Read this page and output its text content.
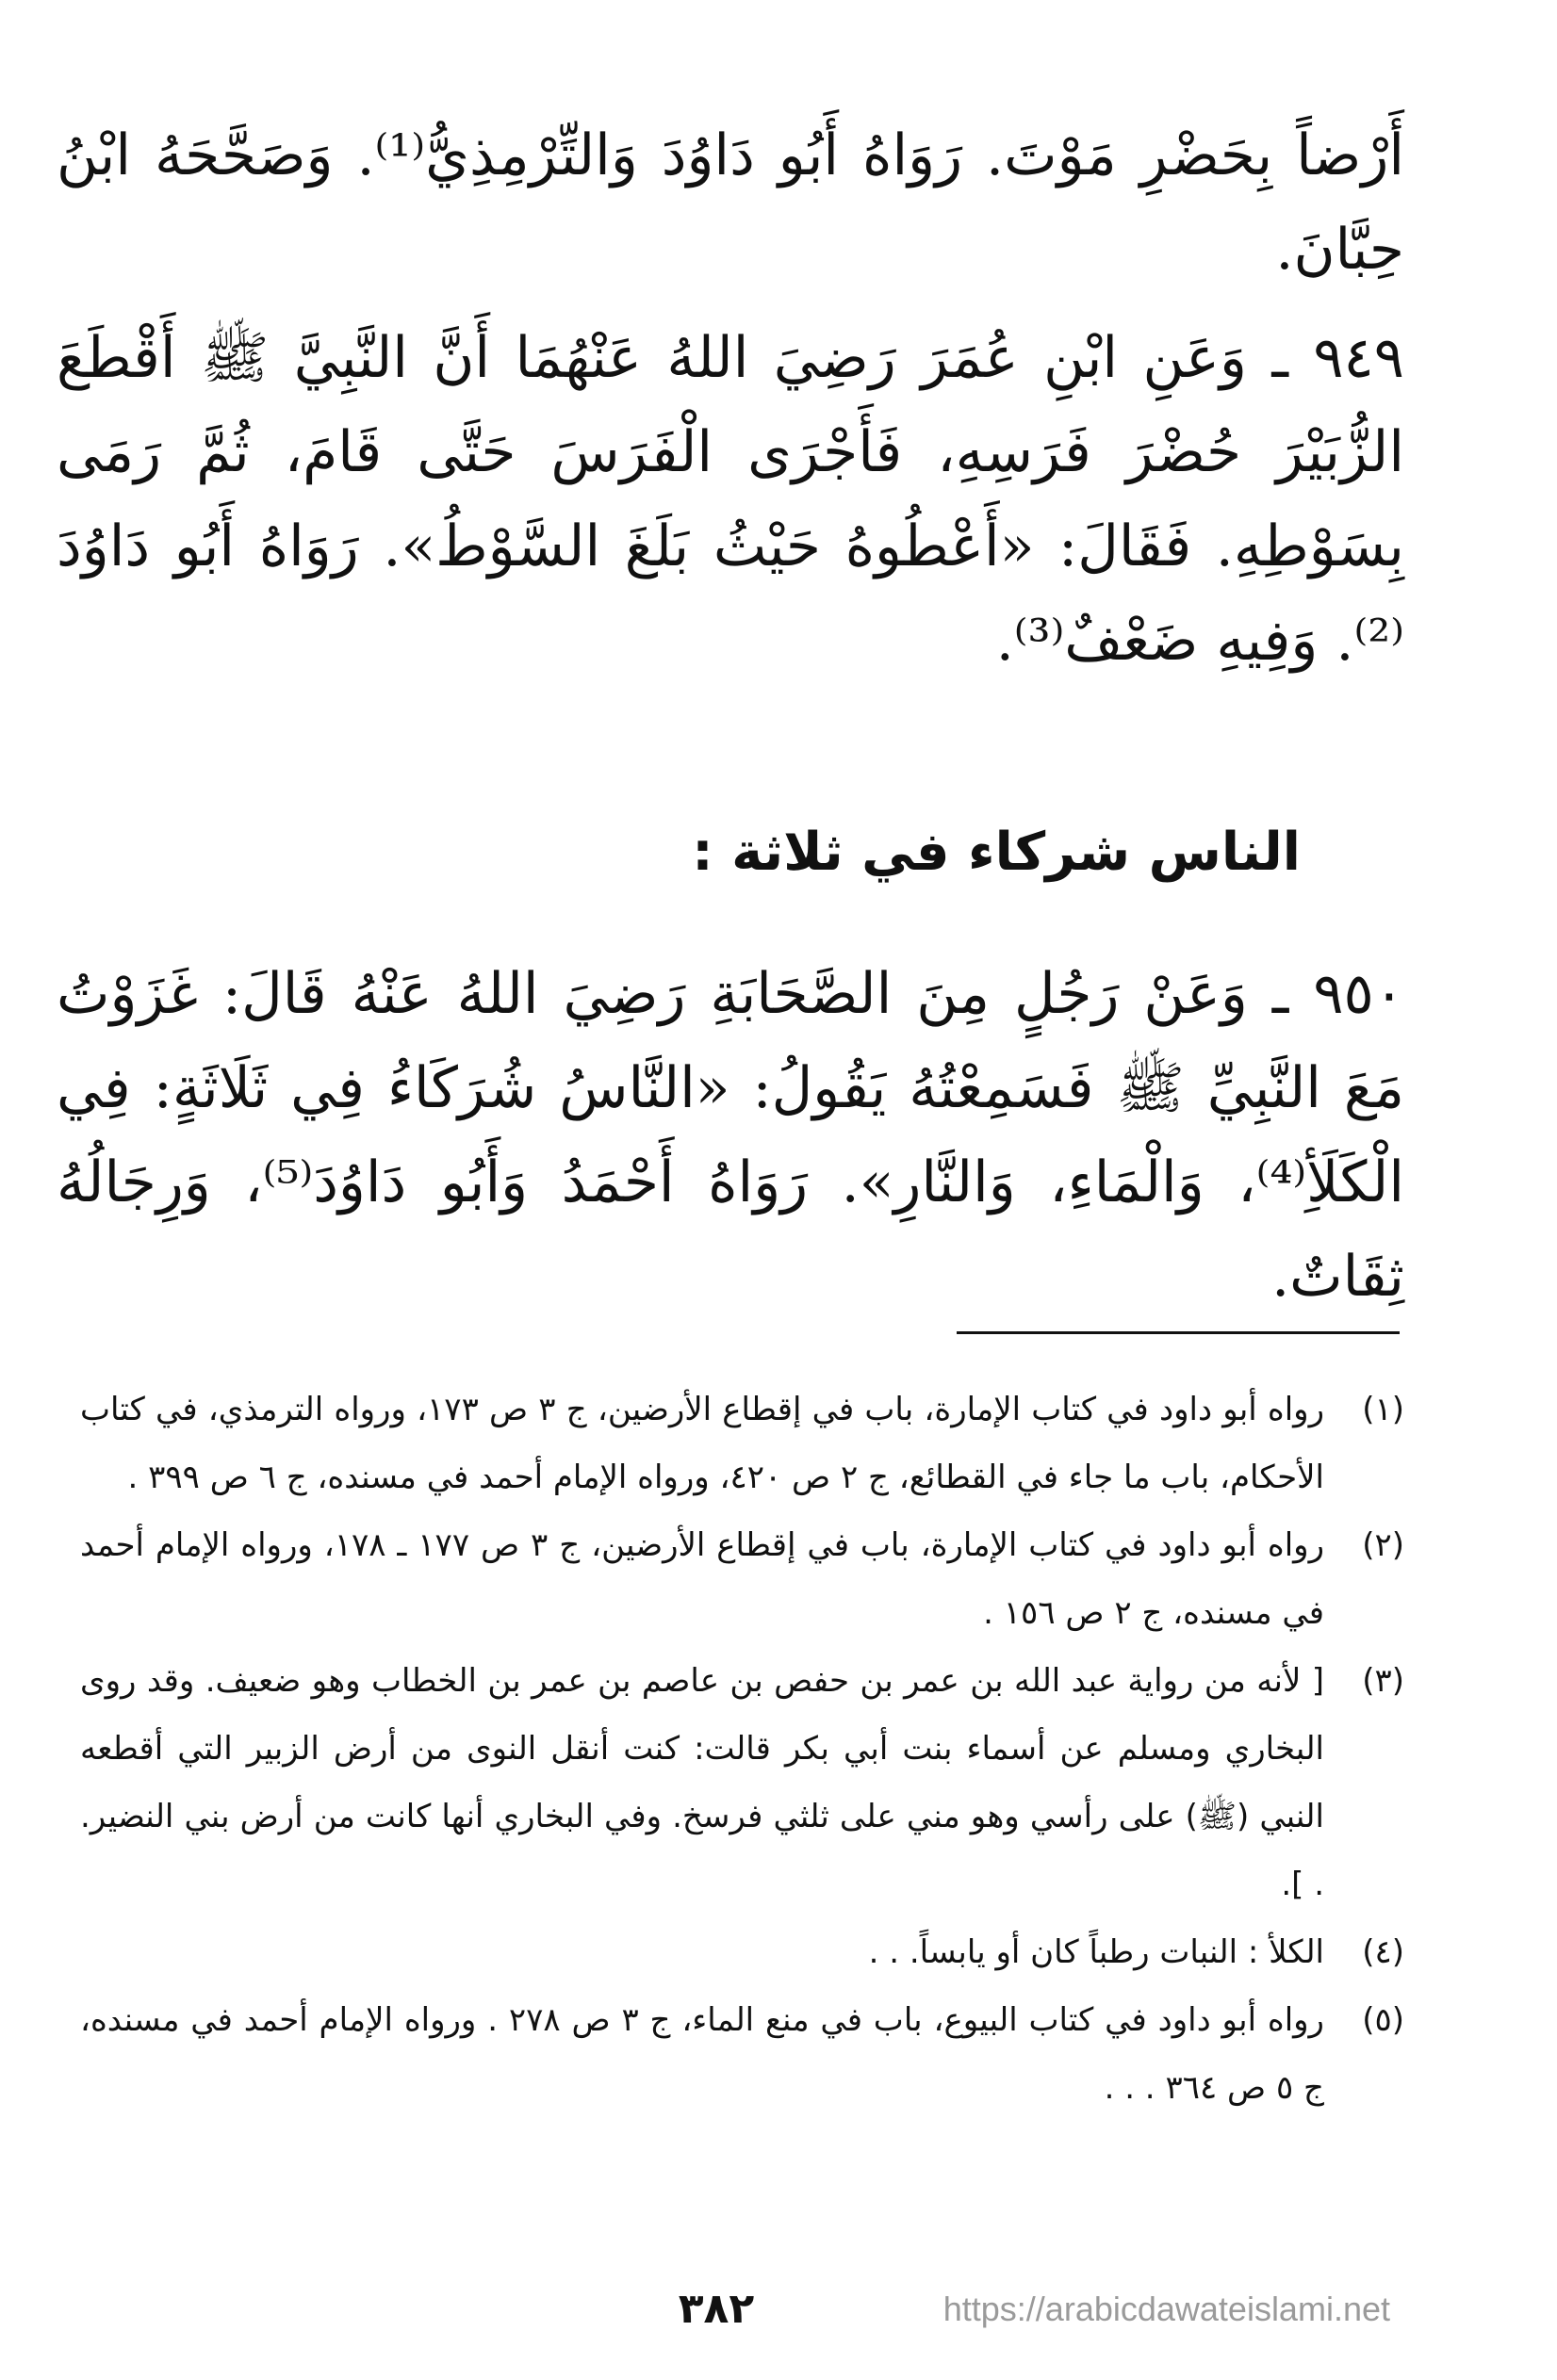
أَرْضاً بِحَضْرِ مَوْتَ. رَوَاهُ أَبُو دَاوُدَ وَالتِّرْمِذِيُّ⁽¹⁾. وَصَحَّحَهُ ابْنُ حِبَّانَ.

٩٤٩ ـ وَعَنِ ابْنِ عُمَرَ رَضِيَ اللهُ عَنْهُمَا أَنَّ النَّبِيَّ ﷺ أَقْطَعَ الزُّبَيْرَ حُضْرَ فَرَسِهِ، فَأَجْرَى الْفَرَسَ حَتَّى قَامَ، ثُمَّ رَمَى بِسَوْطِهِ. فَقَالَ: «أَعْطُوهُ حَيْثُ بَلَغَ السَّوْطُ». رَوَاهُ أَبُو دَاوُدَ ⁽²⁾. وَفِيهِ ضَعْفٌ⁽³⁾.

الناس شركاء في ثلاثة :

٩٥٠ ـ وَعَنْ رَجُلٍ مِنَ الصَّحَابَةِ رَضِيَ اللهُ عَنْهُ قَالَ: غَزَوْتُ مَعَ النَّبِيِّ ﷺ فَسَمِعْتُهُ يَقُولُ: «النَّاسُ شُرَكَاءُ فِي ثَلَاثَةٍ: فِي الْكَلَأِ⁽⁴⁾، وَالْمَاءِ، وَالنَّارِ». رَوَاهُ أَحْمَدُ وَأَبُو دَاوُدَ⁽⁵⁾، وَرِجَالُهُ ثِقَاتٌ.

(١)
رواه أبو داود في كتاب الإمارة، باب في إقطاع الأرضين، ج ٣ ص ١٧٣، ورواه الترمذي، في كتاب الأحكام، باب ما جاء في القطائع، ج ٢ ص ٤٢٠، ورواه الإمام أحمد في مسنده، ج ٦ ص ٣٩٩ .
(٢)
رواه أبو داود في كتاب الإمارة، باب في إقطاع الأرضين، ج ٣ ص ١٧٧ ـ ١٧٨، ورواه الإمام أحمد في مسنده، ج ٢ ص ١٥٦ .
(٣)
[ لأنه من رواية عبد الله بن عمر بن حفص بن عاصم بن عمر بن الخطاب وهو ضعيف. وقد روى البخاري ومسلم عن أسماء بنت أبي بكر قالت: كنت أنقل النوى من أرض الزبير التي أقطعه النبي (ﷺ) على رأسي وهو مني على ثلثي فرسخ. وفي البخاري أنها كانت من أرض بني النضير. . ].
(٤)
الكلأ : النبات رطباً كان أو يابساً. . .
(٥)
رواه أبو داود في كتاب البيوع، باب في منع الماء، ج ٣ ص ٢٧٨ . ورواه الإمام أحمد في مسنده، ج ٥ ص ٣٦٤ . . .
٣٨٢	https://arabicdawateislami.net
